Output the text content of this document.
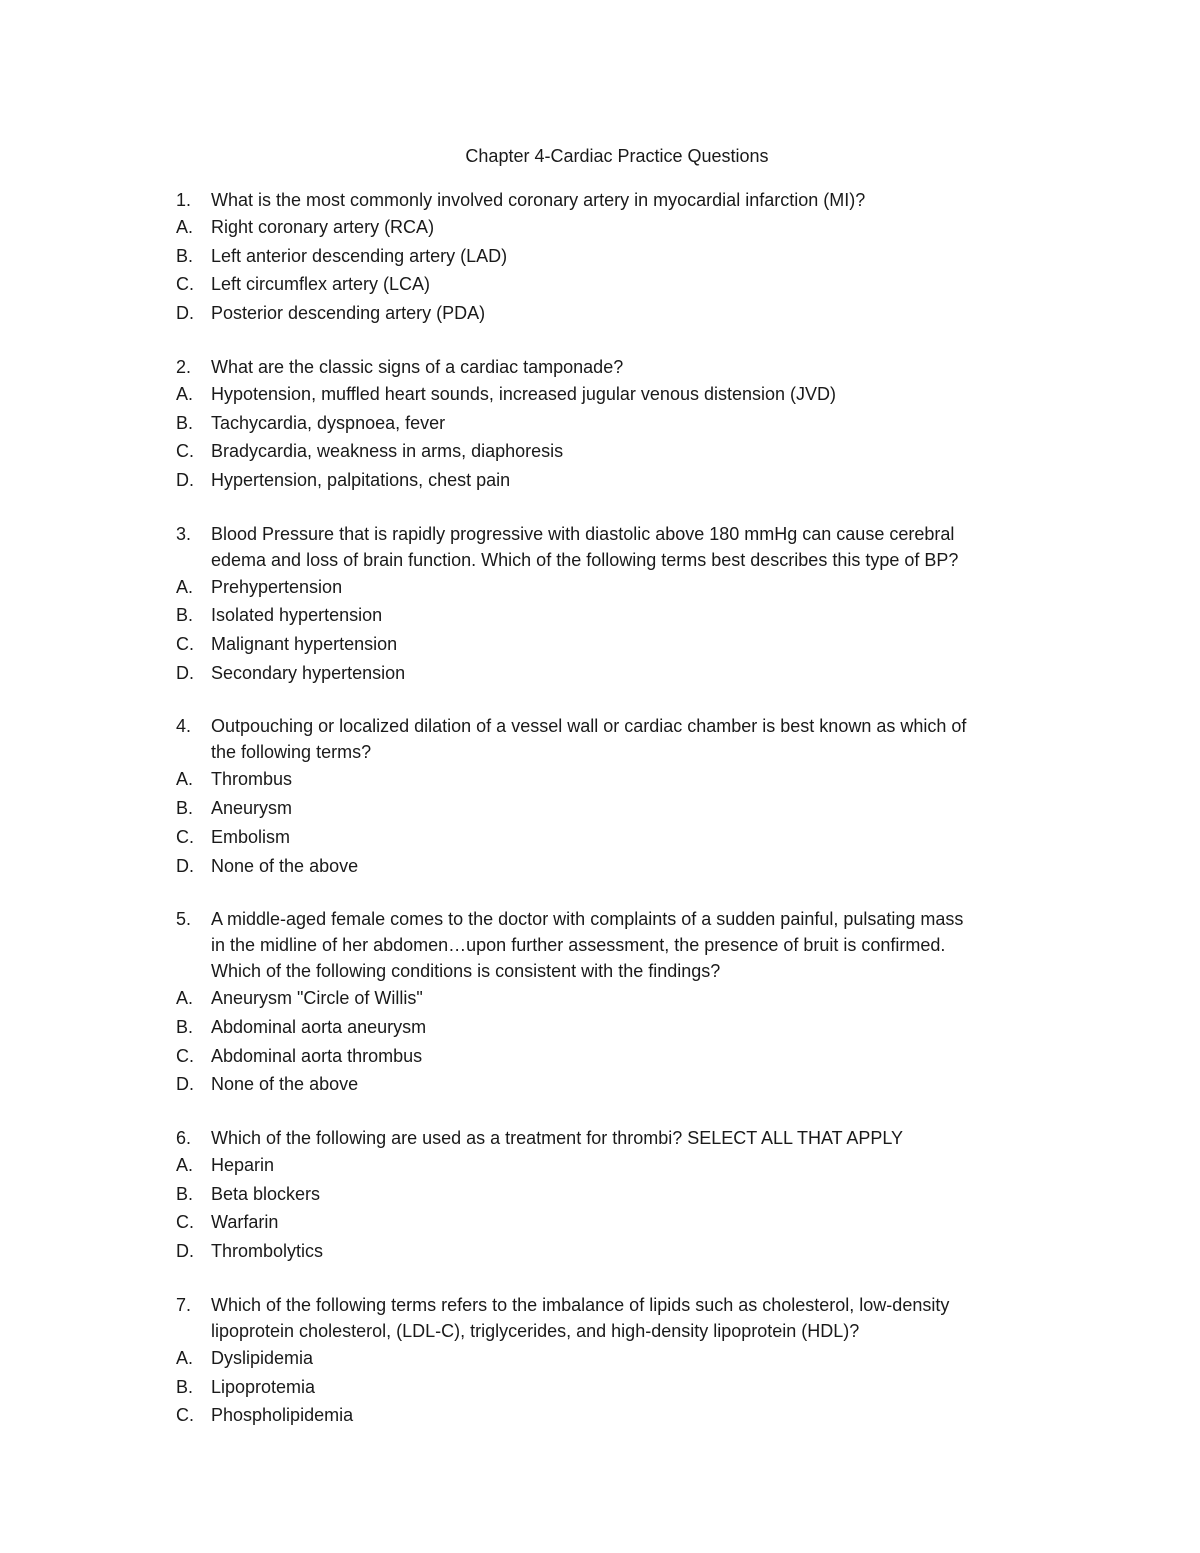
Chapter 4-Cardiac Practice Questions
1. What is the most commonly involved coronary artery in myocardial infarction (MI)?
A. Right coronary artery (RCA)
B. Left anterior descending artery (LAD)
C. Left circumflex artery (LCA)
D. Posterior descending artery (PDA)
2. What are the classic signs of a cardiac tamponade?
A. Hypotension, muffled heart sounds, increased jugular venous distension (JVD)
B. Tachycardia, dyspnoea, fever
C. Bradycardia, weakness in arms, diaphoresis
D. Hypertension, palpitations, chest pain
3. Blood Pressure that is rapidly progressive with diastolic above 180 mmHg can cause cerebral
edema and loss of brain function. Which of the following terms best describes this type of BP?
A. Prehypertension
B. Isolated hypertension
C. Malignant hypertension
D. Secondary hypertension
4. Outpouching or localized dilation of a vessel wall or cardiac chamber is best known as which of
the following terms?
A. Thrombus
B. Aneurysm
C. Embolism
D. None of the above
5. A middle-aged female comes to the doctor with complaints of a sudden painful, pulsating mass
in the midline of her abdomen…upon further assessment, the presence of bruit is confirmed.
Which of the following conditions is consistent with the findings?
A. Aneurysm "Circle of Willis"
B. Abdominal aorta aneurysm
C. Abdominal aorta thrombus
D. None of the above
6. Which of the following are used as a treatment for thrombi? SELECT ALL THAT APPLY
A. Heparin
B. Beta blockers
C. Warfarin
D. Thrombolytics
7. Which of the following terms refers to the imbalance of lipids such as cholesterol, low-density
lipoprotein cholesterol, (LDL-C), triglycerides, and high-density lipoprotein (HDL)?
A. Dyslipidemia
B. Lipoprotemia
C. Phospholipidemia
